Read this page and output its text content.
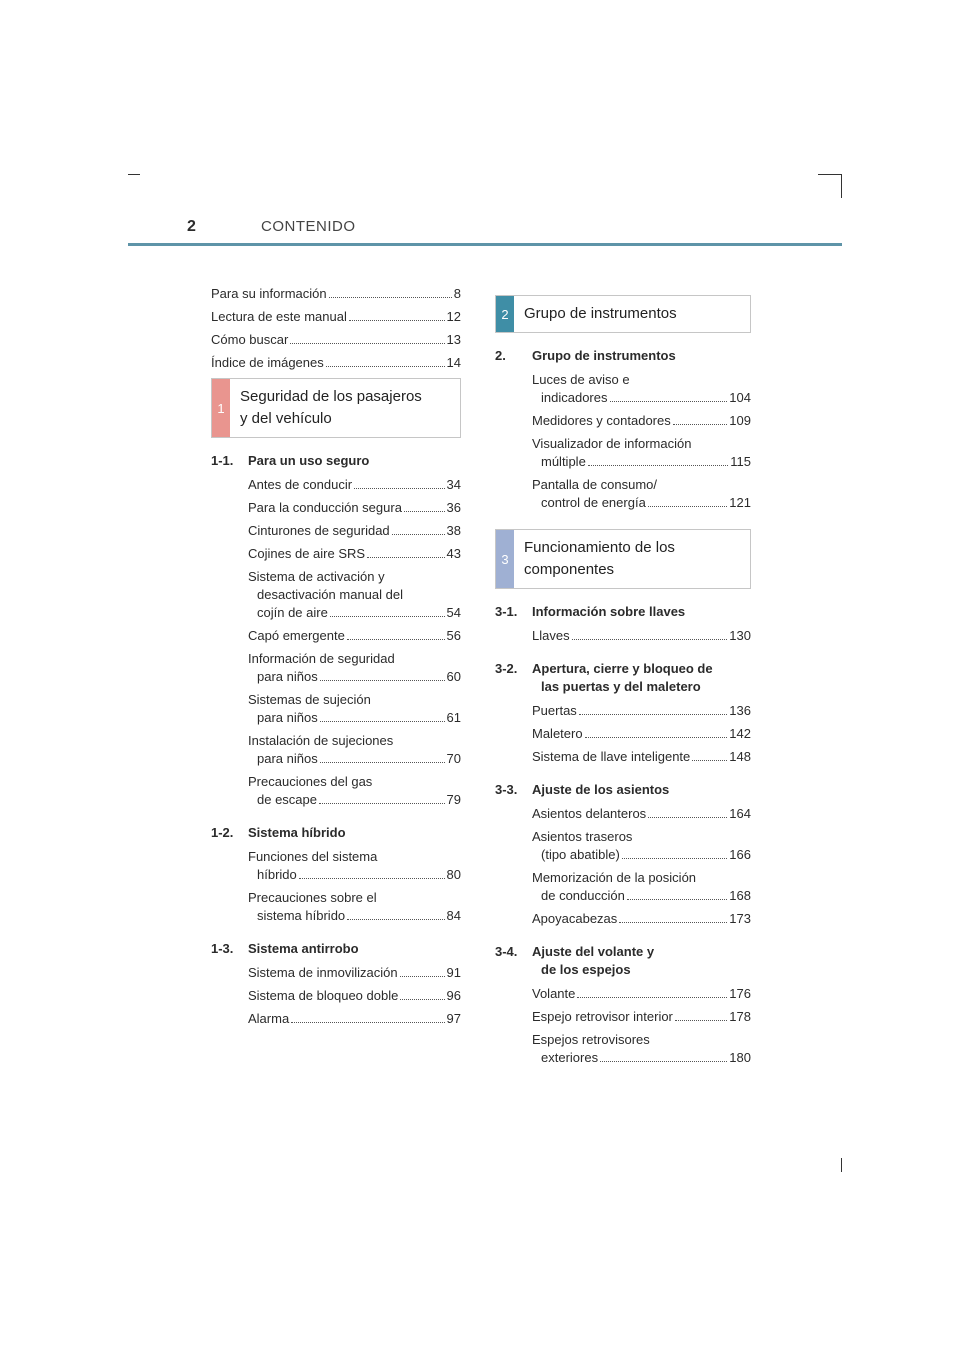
2	CONTENIDO
Para su información	8
Lectura de este manual	12
Cómo buscar	13
Índice de imágenes	14
1
Seguridad de los pasajeros
y del vehículo
1-1.	Para un uso seguro
Antes de conducir	34
Para la conducción segura	36
Cinturones de seguridad	38
Cojines de aire SRS	43
Sistema de activación y
desactivación manual del
cojín de aire	54
Capó emergente	56
Información de seguridad
para niños	60
Sistemas de sujeción
para niños	61
Instalación de sujeciones
para niños	70
Precauciones del gas
de escape	79
1-2.	Sistema híbrido
Funciones del sistema
híbrido	80
Precauciones sobre el
sistema híbrido	84
1-3.	Sistema antirrobo
Sistema de inmovilización	91
Sistema de bloqueo doble	96
Alarma	97
2	Grupo de instrumentos
2.	Grupo de instrumentos
Luces de aviso e
indicadores	104
Medidores y contadores	109
Visualizador de información
múltiple	115
Pantalla de consumo/
control de energía	121
3
Funcionamiento de los
componentes
3-1.	Información sobre llaves
Llaves	130
3-2.	Apertura, cierre y bloqueo de
las puertas y del maletero
Puertas	136
Maletero	142
Sistema de llave inteligente	148
3-3.	Ajuste de los asientos
Asientos delanteros	164
Asientos traseros
(tipo abatible)	166
Memorización de la posición
de conducción	168
Apoyacabezas	173
3-4.	Ajuste del volante y
de los espejos
Volante	176
Espejo retrovisor interior	178
Espejos retrovisores
exteriores	180
